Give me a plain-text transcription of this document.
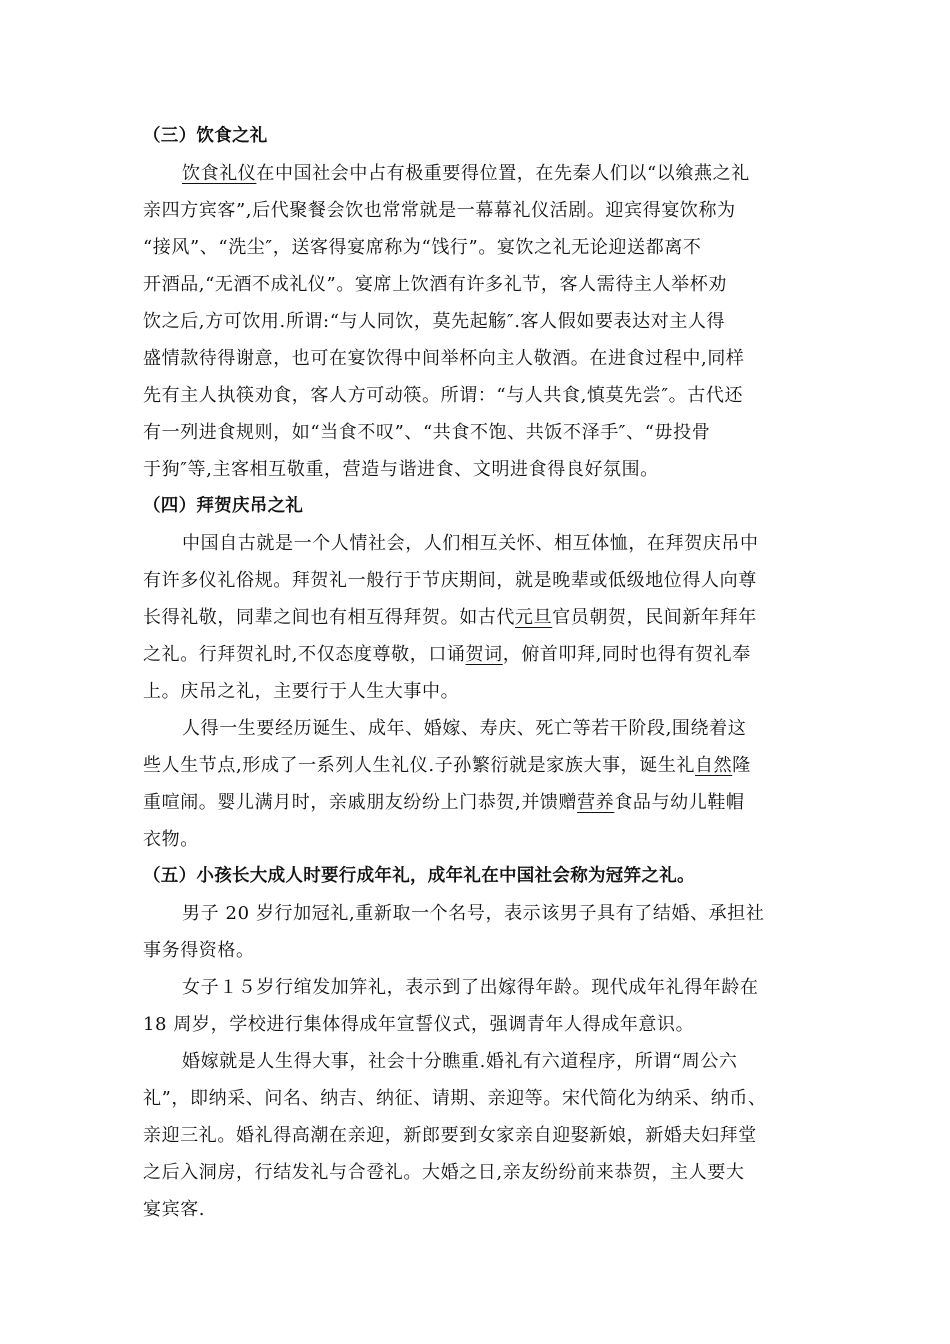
（三）饮食之礼
饮食礼仪在中国社会中占有极重要得位置，在先秦人们以“以飨燕之礼
亲四方宾客”,后代聚餐会饮也常常就是一幕幕礼仪活剧。迎宾得宴饮称为
“接风”、“洗尘″，送客得宴席称为“饯行”。宴饮之礼无论迎送都离不
开酒品,“无酒不成礼仪”。宴席上饮酒有许多礼节，客人需待主人举杯劝
饮之后,方可饮用.所谓:“与人同饮，莫先起觞″.客人假如要表达对主人得
盛情款待得谢意，也可在宴饮得中间举杯向主人敬酒。在进食过程中,同样
先有主人执筷劝食，客人方可动筷。所谓：“与人共食,慎莫先尝″。古代还
有一列进食规则，如“当食不叹”、“共食不饱、共饭不泽手″、“毋投骨
于狗″等,主客相互敬重，营造与谐进食、文明进食得良好氛围。
（四）拜贺庆吊之礼
中国自古就是一个人情社会，人们相互关怀、相互体恤，在拜贺庆吊中
有许多仪礼俗规。拜贺礼一般行于节庆期间，就是晚辈或低级地位得人向尊
长得礼敬，同辈之间也有相互得拜贺。如古代元旦官员朝贺，民间新年拜年
之礼。行拜贺礼时,不仅态度尊敬，口诵贺词，俯首叩拜,同时也得有贺礼奉
上。庆吊之礼，主要行于人生大事中。
人得一生要经历诞生、成年、婚嫁、寿庆、死亡等若干阶段,围绕着这
些人生节点,形成了一系列人生礼仪.子孙繁衍就是家族大事，诞生礼自然隆
重喧闹。婴儿满月时，亲戚朋友纷纷上门恭贺,并馈赠营养食品与幼儿鞋帽
衣物。
（五）小孩长大成人时要行成年礼，成年礼在中国社会称为冠笄之礼。
男子 20 岁行加冠礼,重新取一个名号，表示该男子具有了结婚、承担社
事务得资格。
女子１５岁行绾发加笄礼，表示到了出嫁得年龄。现代成年礼得年龄在
18 周岁，学校进行集体得成年宣誓仪式，强调青年人得成年意识。
婚嫁就是人生得大事，社会十分瞧重.婚礼有六道程序，所谓“周公六
礼”，即纳采、问名、纳吉、纳征、请期、亲迎等。宋代简化为纳采、纳币、
亲迎三礼。婚礼得高潮在亲迎，新郎要到女家亲自迎娶新娘，新婚夫妇拜堂
之后入洞房，行结发礼与合卺礼。大婚之日,亲友纷纷前来恭贺，主人要大
宴宾客.
